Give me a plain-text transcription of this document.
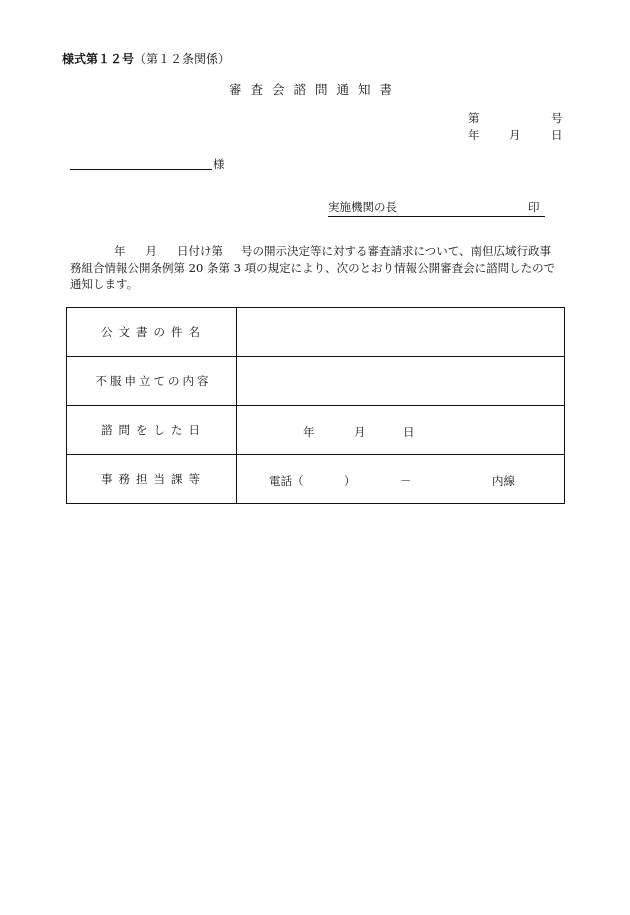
様式第１２号（第１２条関係）
審査会諮問通知書
第	号
年	月	日
様
実施機関の長	印
年 月 日付け第 号の開示決定等に対する審査請求について、南但広域行政事
務組合情報公開条例第 20 条第 3 項の規定により、次のとおり情報公開審査会に諮問したので
通知します。
公文書の件名	
不服申立ての内容	
諮問をした日	年 月 日

事務担当課等	電話（ ） － 内線
